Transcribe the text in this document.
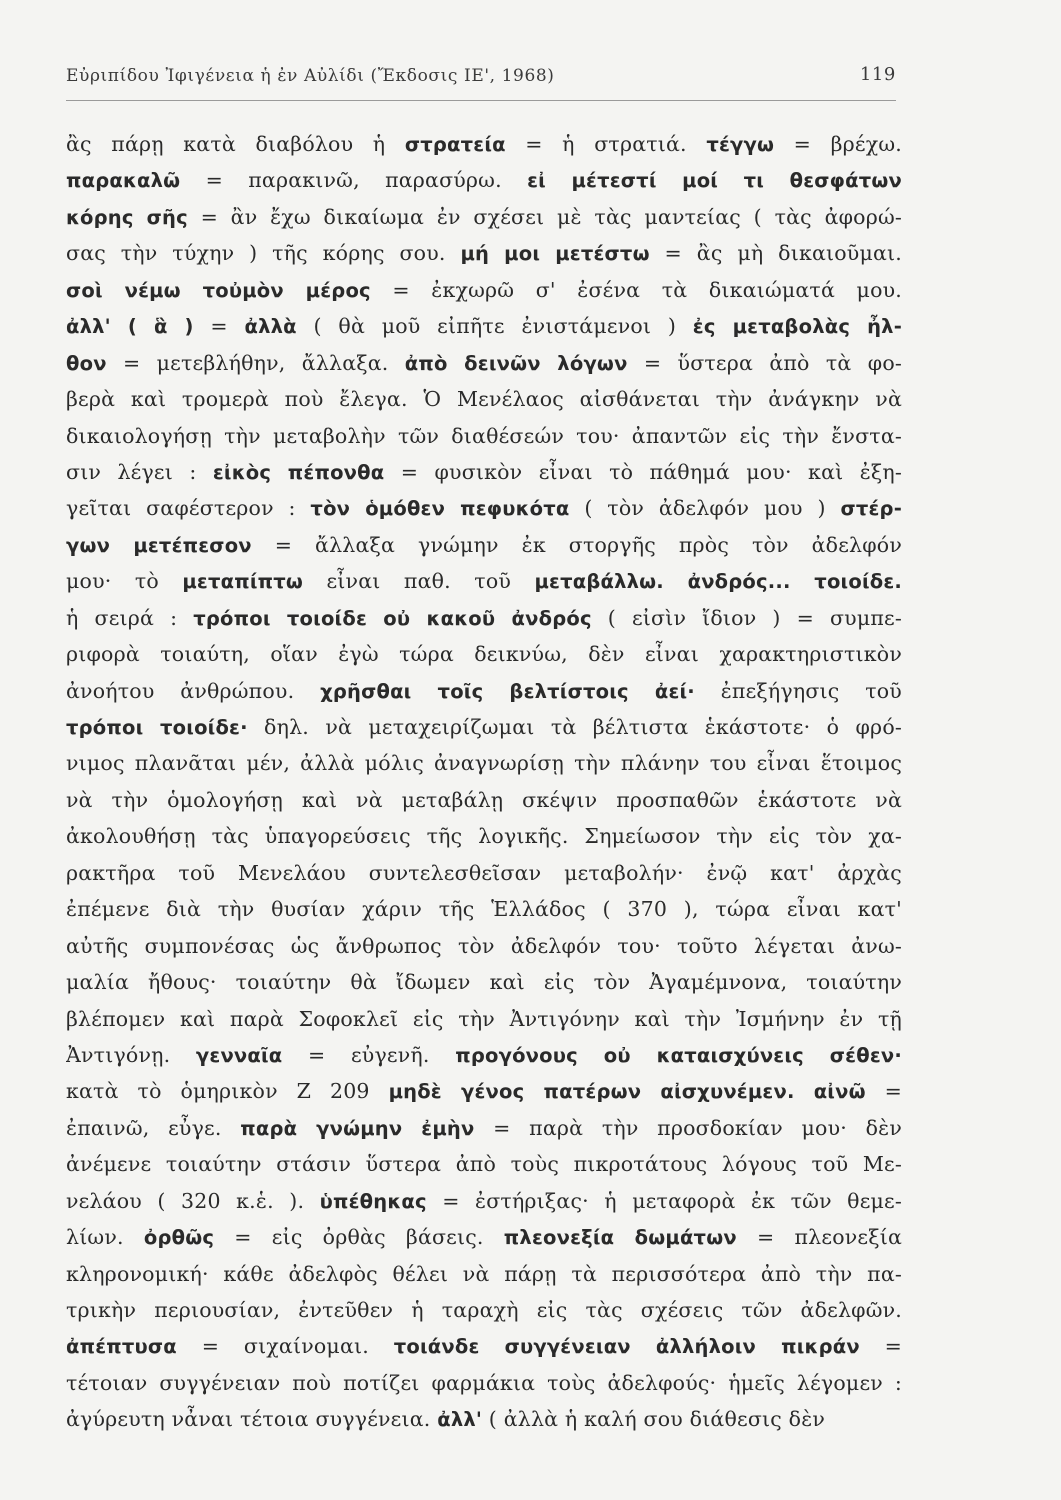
Εὐριπίδου Ἰφιγένεια ἡ ἐν Αὐλίδι (Ἔκδοσις ΙΕ', 1968)	119
ἂς πάρῃ κατὰ διαβόλου ἡ στρατεία = ἡ στρατιά. τέγγω = βρέχω.
παρακαλῶ = παρακινῶ, παρασύρω. εἰ μέτεστί μοί τι θεσφάτων
κόρης σῆς = ἂν ἔχω δικαίωμα ἐν σχέσει μὲ τὰς μαντείας ( τὰς ἀφορώ-
σας τὴν τύχην ) τῆς κόρης σου. μή μοι μετέστω = ἂς μὴ δικαιοῦμαι.
σοὶ νέμω τοὐμὸν μέρος = ἐκχωρῶ σ' ἐσένα τὰ δικαιώματά μου.
ἀλλ' ( ἃ ) = ἀλλὰ ( θὰ μοῦ εἰπῆτε ἐνιστάμενοι ) ἐς μεταβολὰς ἦλ-
θον = μετεβλήθην, ἄλλαξα. ἀπὸ δεινῶν λόγων = ὕστερα ἀπὸ τὰ φο-
βερὰ καὶ τρομερὰ ποὺ ἔλεγα. Ὁ Μενέλαος αἰσθάνεται τὴν ἀνάγκην νὰ
δικαιολογήσῃ τὴν μεταβολὴν τῶν διαθέσεών του· ἀπαντῶν εἰς τὴν ἔνστα-
σιν λέγει : εἰκὸς πέπονθα = φυσικὸν εἶναι τὸ πάθημά μου· καὶ ἐξη-
γεῖται σαφέστερον : τὸν ὁμόθεν πεφυκότα ( τὸν ἀδελφόν μου ) στέρ-
γων μετέπεσον = ἄλλαξα γνώμην ἐκ στοργῆς πρὸς τὸν ἀδελφόν
μου· τὸ μεταπίπτω εἶναι παθ. τοῦ μεταβάλλω. ἀνδρός... τοιοίδε.
ἡ σειρά : τρόποι τοιοίδε οὐ κακοῦ ἀνδρός ( εἰσὶν ἴδιον ) = συμπε-
ριφορὰ τοιαύτη, οἵαν ἐγὼ τώρα δεικνύω, δὲν εἶναι χαρακτηριστικὸν
ἀνοήτου ἀνθρώπου. χρῆσθαι τοῖς βελτίστοις ἀεί· ἐπεξήγησις τοῦ
τρόποι τοιοίδε· δηλ. νὰ μεταχειρίζωμαι τὰ βέλτιστα ἑκάστοτε· ὁ φρό-
νιμος πλανᾶται μέν, ἀλλὰ μόλις ἀναγνωρίσῃ τὴν πλάνην του εἶναι ἕτοιμος
νὰ τὴν ὁμολογήσῃ καὶ νὰ μεταβάλῃ σκέψιν προσπαθῶν ἑκάστοτε νὰ
ἀκολουθήσῃ τὰς ὑπαγορεύσεις τῆς λογικῆς. Σημείωσον τὴν εἰς τὸν χα-
ρακτῆρα τοῦ Μενελάου συντελεσθεῖσαν μεταβολήν· ἐνῷ κατ' ἀρχὰς
ἐπέμενε διὰ τὴν θυσίαν χάριν τῆς Ἑλλάδος ( 370 ), τώρα εἶναι κατ'
αὐτῆς συμπονέσας ὡς ἄνθρωπος τὸν ἀδελφόν του· τοῦτο λέγεται ἀνω-
μαλία ἤθους· τοιαύτην θὰ ἴδωμεν καὶ εἰς τὸν Ἀγαμέμνονα, τοιαύτην
βλέπομεν καὶ παρὰ Σοφοκλεῖ εἰς τὴν Ἀντιγόνην καὶ τὴν Ἰσμήνην ἐν τῇ
Ἀντιγόνῃ. γενναῖα = εὐγενῆ. προγόνους οὐ καταισχύνεις σέθεν·
κατὰ τὸ ὁμηρικὸν Ζ 209 μηδὲ γένος πατέρων αἰσχυνέμεν. αἰνῶ =
ἐπαινῶ, εὖγε. παρὰ γνώμην ἐμὴν = παρὰ τὴν προσδοκίαν μου· δὲν
ἀνέμενε τοιαύτην στάσιν ὕστερα ἀπὸ τοὺς πικροτάτους λόγους τοῦ Με-
νελάου ( 320 κ.ἑ. ). ὑπέθηκας = ἐστήριξας· ἡ μεταφορὰ ἐκ τῶν θεμε-
λίων. ὀρθῶς = εἰς ὀρθὰς βάσεις. πλεονεξία δωμάτων = πλεονεξία
κληρονομική· κάθε ἀδελφὸς θέλει νὰ πάρῃ τὰ περισσότερα ἀπὸ τὴν πα-
τρικὴν περιουσίαν, ἐντεῦθεν ἡ ταραχὴ εἰς τὰς σχέσεις τῶν ἀδελφῶν.
ἀπέπτυσα = σιχαίνομαι. τοιάνδε συγγένειαν ἀλλήλοιν πικράν =
τέτοιαν συγγένειαν ποὺ ποτίζει φαρμάκια τοὺς ἀδελφούς· ἡμεῖς λέγομεν :
ἀγύρευτη νἆναι τέτοια συγγένεια. ἀλλ' ( ἀλλὰ ἡ καλή σου διάθεσις δὲν
